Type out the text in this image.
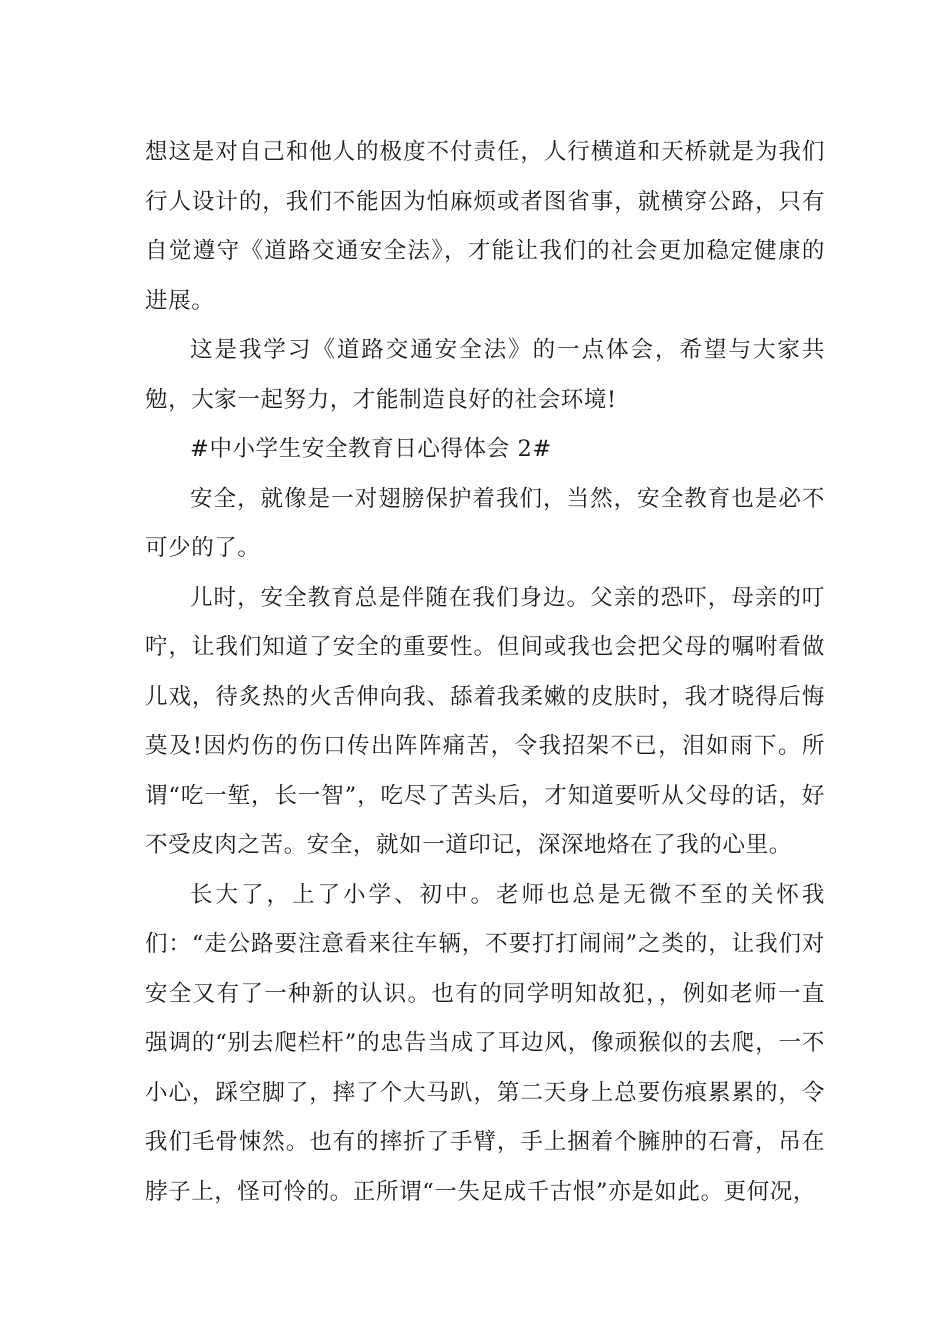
想这是对自己和他人的极度不付责任，人行横道和天桥就是为我们行人设计的，我们不能因为怕麻烦或者图省事，就横穿公路，只有自觉遵守《道路交通安全法》，才能让我们的社会更加稳定健康的进展。

这是我学习《道路交通安全法》的一点体会，希望与大家共勉，大家一起努力，才能制造良好的社会环境!

#中小学生安全教育日心得体会 2#

安全，就像是一对翅膀保护着我们，当然，安全教育也是必不可少的了。

儿时，安全教育总是伴随在我们身边。父亲的恐吓，母亲的叮咛，让我们知道了安全的重要性。但间或我也会把父母的嘱咐看做儿戏，待炙热的火舌伸向我、舔着我柔嫩的皮肤时，我才晓得后悔莫及!因灼伤的伤口传出阵阵痛苦，令我招架不已，泪如雨下。所谓“吃一堑，长一智”，吃尽了苦头后，才知道要听从父母的话，好不受皮肉之苦。安全，就如一道印记，深深地烙在了我的心里。

长大了，上了小学、初中。老师也总是无微不至的关怀我们：“走公路要注意看来往车辆，不要打打闹闹”之类的，让我们对安全又有了一种新的认识。也有的同学明知故犯，，例如老师一直强调的“别去爬栏杆”的忠告当成了耳边风，像顽猴似的去爬，一不小心，踩空脚了，摔了个大马趴，第二天身上总要伤痕累累的，令我们毛骨悚然。也有的摔折了手臂，手上捆着个臃肿的石膏，吊在脖子上，怪可怜的。正所谓“一失足成千古恨”亦是如此。更何况，
